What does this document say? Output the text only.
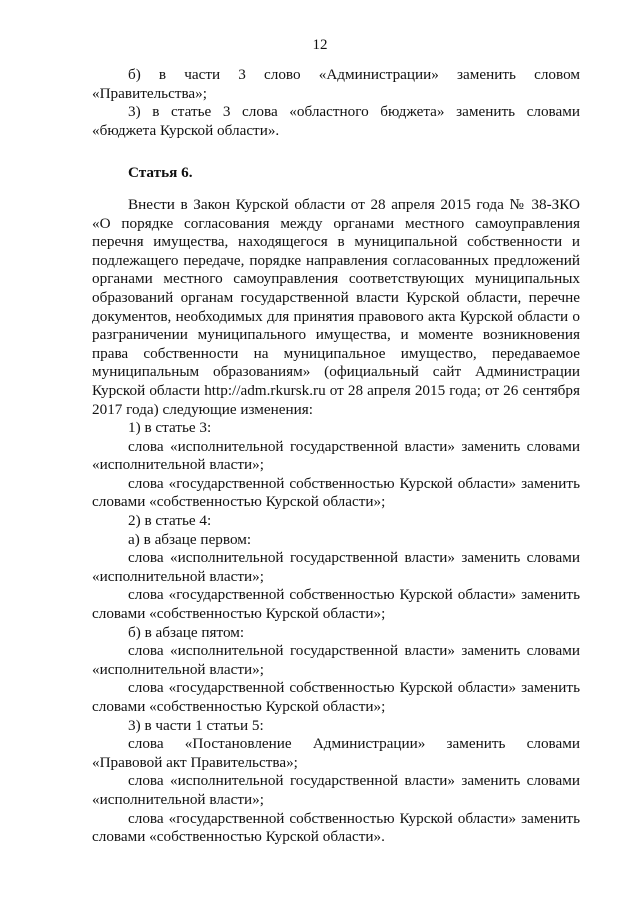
12

б) в части 3 слово «Администрации» заменить словом «Правительства»;

3) в статье 3 слова «областного бюджета» заменить словами «бюджета Курской области».

Статья 6.

Внести в Закон Курской области от 28 апреля 2015 года № 38-ЗКО «О порядке согласования между органами местного самоуправления перечня имущества, находящегося в муниципальной собственности и подлежащего передаче, порядке направления согласованных предложений органами местного самоуправления соответствующих муниципальных образований органам государственной власти Курской области, перечне документов, необходимых для принятия правового акта Курской области о разграничении муниципального имущества, и моменте возникновения права собственности на муниципальное имущество, передаваемое муниципальным образованиям» (официальный сайт Администрации Курской области http://adm.rkursk.ru от 28 апреля 2015 года; от 26 сентября 2017 года) следующие изменения:

1) в статье 3:

слова «исполнительной государственной власти» заменить словами «исполнительной власти»;

слова «государственной собственностью Курской области» заменить словами «собственностью Курской области»;

2) в статье 4:

а) в абзаце первом:

слова «исполнительной государственной власти» заменить словами «исполнительной власти»;

слова «государственной собственностью Курской области» заменить словами «собственностью Курской области»;

б) в абзаце пятом:

слова «исполнительной государственной власти» заменить словами «исполнительной власти»;

слова «государственной собственностью Курской области» заменить словами «собственностью Курской области»;

3) в части 1 статьи 5:

слова «Постановление Администрации» заменить словами «Правовой акт Правительства»;

слова «исполнительной государственной власти» заменить словами «исполнительной власти»;

слова «государственной собственностью Курской области» заменить словами «собственностью Курской области».
